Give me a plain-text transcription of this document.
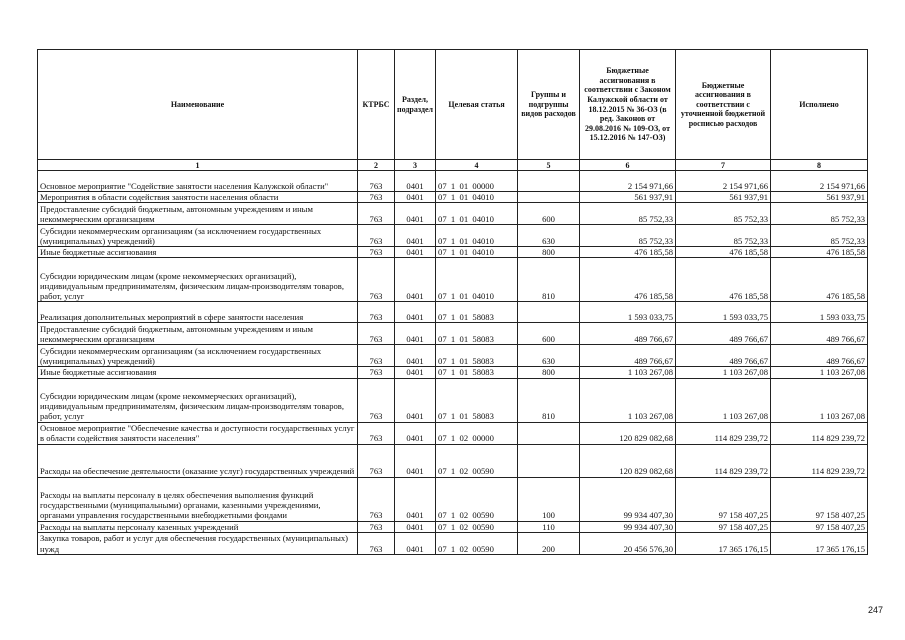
Наименование	КТРБС	Раздел, подраздел	Целевая статья	Группы и подгруппы видов расходов	Бюджетные ассигнования в соответствии с Законом Калужской области от 18.12.2015 № 36-ОЗ (в ред. Законов от 29.08.2016 № 109-ОЗ, от 15.12.2016 № 147-ОЗ)	Бюджетные ассигнования в соответствии с уточненной бюджетной росписью расходов	Исполнено
1	2	3	4	5	6	7	8
Основное мероприятие "Содействие занятости населения Калужской области"	763	0401	07  1  01  00000		2 154 971,66	2 154 971,66	2 154 971,66
Мероприятия в области содействия занятости населения области	763	0401	07  1  01  04010		561 937,91	561 937,91	561 937,91
Предоставление субсидий бюджетным, автономным учреждениям и иным некоммерческим организациям	763	0401	07  1  01  04010	600	85 752,33	85 752,33	85 752,33
Субсидии некоммерческим организациям (за исключением государственных (муниципальных) учреждений)	763	0401	07  1  01  04010	630	85 752,33	85 752,33	85 752,33
Иные бюджетные ассигнования	763	0401	07  1  01  04010	800	476 185,58	476 185,58	476 185,58
Субсидии юридическим лицам (кроме некоммерческих организаций), индивидуальным предпринимателям, физическим лицам-производителям товаров, работ, услуг	763	0401	07  1  01  04010	810	476 185,58	476 185,58	476 185,58
Реализация дополнительных мероприятий в сфере занятости населения	763	0401	07  1  01  58083		1 593 033,75	1 593 033,75	1 593 033,75
Предоставление субсидий бюджетным, автономным учреждениям и иным некоммерческим организациям	763	0401	07  1  01  58083	600	489 766,67	489 766,67	489 766,67
Субсидии некоммерческим организациям (за исключением государственных (муниципальных) учреждений)	763	0401	07  1  01  58083	630	489 766,67	489 766,67	489 766,67
Иные бюджетные ассигнования	763	0401	07  1  01  58083	800	1 103 267,08	1 103 267,08	1 103 267,08
Субсидии юридическим лицам (кроме некоммерческих организаций), индивидуальным предпринимателям, физическим лицам-производителям товаров, работ, услуг	763	0401	07  1  01  58083	810	1 103 267,08	1 103 267,08	1 103 267,08
Основное мероприятие "Обеспечение качества и доступности государственных услуг в области содействия занятости населения"	763	0401	07  1  02  00000		120 829 082,68	114 829 239,72	114 829 239,72
Расходы на обеспечение деятельности (оказание услуг) государственных учреждений	763	0401	07  1  02  00590		120 829 082,68	114 829 239,72	114 829 239,72
Расходы на выплаты персоналу в целях обеспечения выполнения функций государственными (муниципальными) органами, казенными учреждениями, органами управления государственными внебюджетными фондами	763	0401	07  1  02  00590	100	99 934 407,30	97 158 407,25	97 158 407,25
Расходы на выплаты персоналу казенных учреждений	763	0401	07  1  02  00590	110	99 934 407,30	97 158 407,25	97 158 407,25
Закупка товаров, работ и услуг для обеспечения государственных (муниципальных) нужд	763	0401	07  1  02  00590	200	20 456 576,30	17 365 176,15	17 365 176,15
247
